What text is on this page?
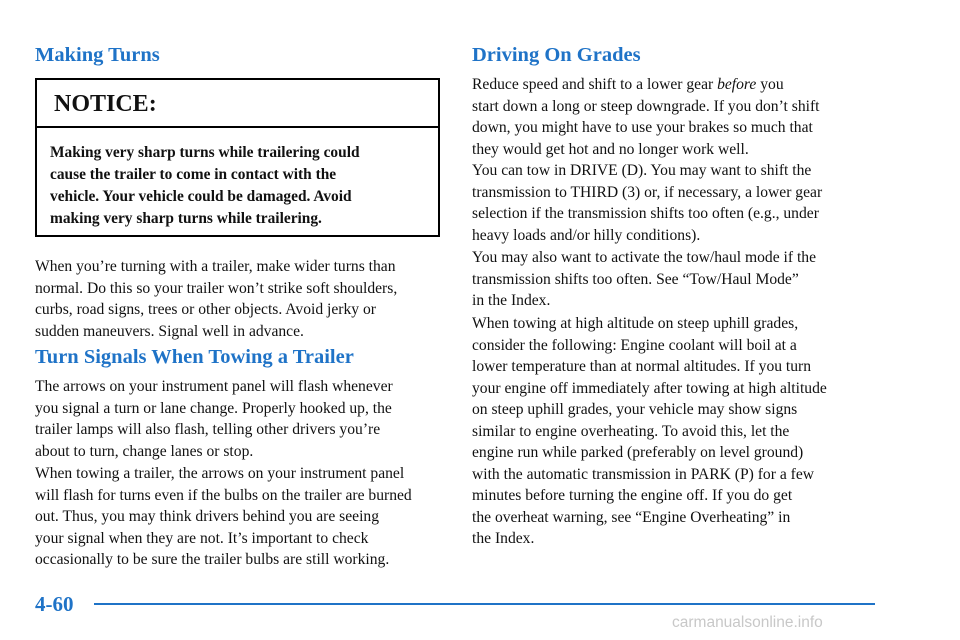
Making Turns
NOTICE:
Making very sharp turns while trailering could
cause the trailer to come in contact with the
vehicle. Your vehicle could be damaged. Avoid
making very sharp turns while trailering.

When you’re turning with a trailer, make wider turns than
normal. Do this so your trailer won’t strike soft shoulders,
curbs, road signs, trees or other objects. Avoid jerky or
sudden maneuvers. Signal well in advance.

Turn Signals When Towing a Trailer

The arrows on your instrument panel will flash whenever
you signal a turn or lane change. Properly hooked up, the
trailer lamps will also flash, telling other drivers you’re
about to turn, change lanes or stop.

When towing a trailer, the arrows on your instrument panel
will flash for turns even if the bulbs on the trailer are burned
out. Thus, you may think drivers behind you are seeing
your signal when they are not. It’s important to check
occasionally to be sure the trailer bulbs are still working.

Driving On Grades

Reduce speed and shift to a lower gear before you
start down a long or steep downgrade. If you don’t shift
down, you might have to use your brakes so much that
they would get hot and no longer work well.

You can tow in DRIVE (D). You may want to shift the
transmission to THIRD (3) or, if necessary, a lower gear
selection if the transmission shifts too often (e.g., under
heavy loads and/or hilly conditions).

You may also want to activate the tow/haul mode if the
transmission shifts too often. See “Tow/Haul Mode”
in the Index.

When towing at high altitude on steep uphill grades,
consider the following: Engine coolant will boil at a
lower temperature than at normal altitudes. If you turn
your engine off immediately after towing at high altitude
on steep uphill grades, your vehicle may show signs
similar to engine overheating. To avoid this, let the
engine run while parked (preferably on level ground)
with the automatic transmission in PARK (P) for a few
minutes before turning the engine off. If you do get
the overheat warning, see “Engine Overheating” in
the Index.

4-60
carmanualsonline.info
